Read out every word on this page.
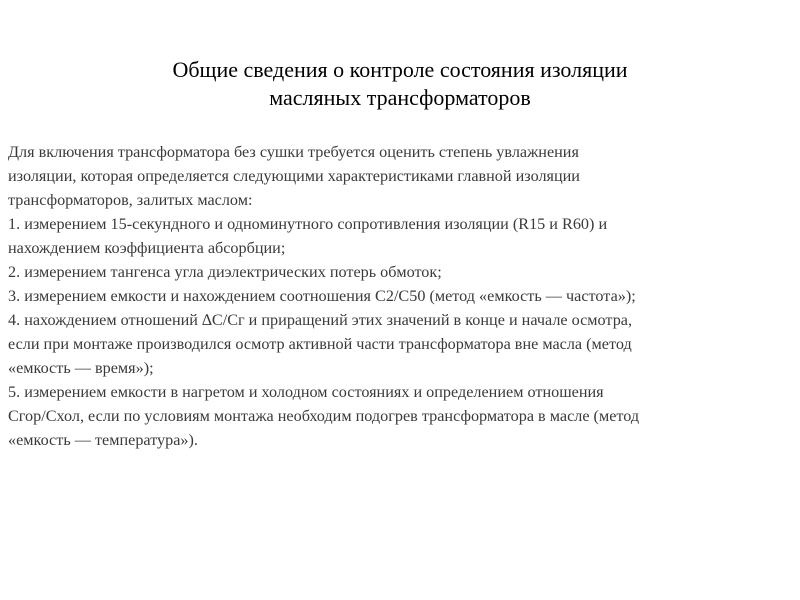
Общие сведения о контроле состояния изоляции
масляных трансформаторов
Для включения трансформатора без сушки требуется оценить степень увлажнения
изоляции, которая определяется следующими характеристиками главной изоляции
трансформаторов, залитых маслом:
1. измерением 15-секундного и одноминутного сопротивления изоляции (R15 и R60) и
нахождением коэффициента абсорбции;
2. измерением тангенса угла диэлектрических потерь обмоток;
3. измерением емкости и нахождением соотношения С2/С50 (метод «емкость — частота»);
4. нахождением отношений ∆С/Сг и приращений этих значений в конце и начале осмотра,
если при монтаже производился осмотр активной части трансформатора вне масла (метод
«емкость — время»);
5. измерением емкости в нагретом и холодном состояниях и определением отношения
Сгор/Схол, если по условиям монтажа необходим подогрев трансформатора в масле (метод
«емкость — температура»).
